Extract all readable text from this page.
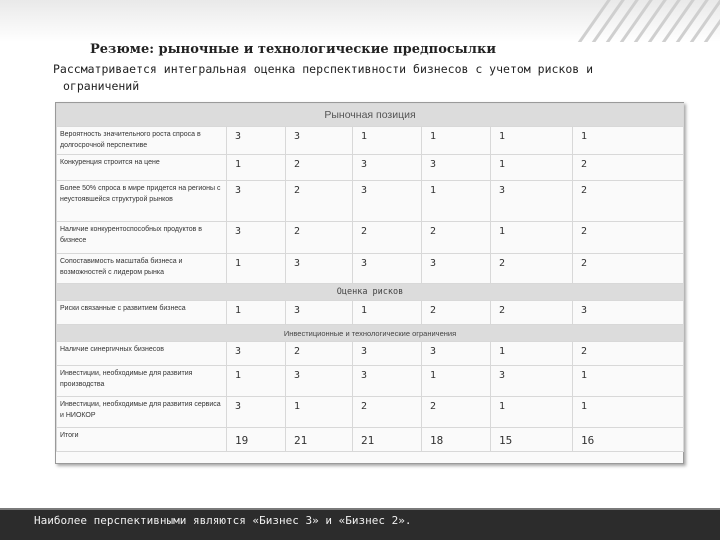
Резюме: рыночные и технологические предпосылки
Рассматривается интегральная оценка перспективности бизнесов с учетом рисков и
ограничений
Рыночная позиция						
Вероятность значительного роста спроса в долгосрочной перспективе	3	3	1	1	1	1
Конкуренция строится на цене	1	2	3	3	1	2
Более 50% спроса в мире придется на регионы с неустоявшейся структурой рынков	3	2	3	1	3	2
Наличие конкурентоспособных продуктов в бизнесе	3	2	2	2	1	2
Сопоставимость масштаба бизнеса и возможностей с лидером рынка	1	3	3	3	2	2
Оценка рисков						
Риски связанные с развитием бизнеса	1	3	1	2	2	3
Инвестиционные и технологические ограничения						
Наличие синергичных бизнесов	3	2	3	3	1	2
Инвестиции, необходимые для развития производства	1	3	3	1	3	1
Инвестиции, необходимые для развития сервиса и НИОКОР	3	1	2	2	1	1
Итоги	19	21	21	18	15	16
Наиболее перспективными являются «Бизнес 3» и «Бизнес 2».
